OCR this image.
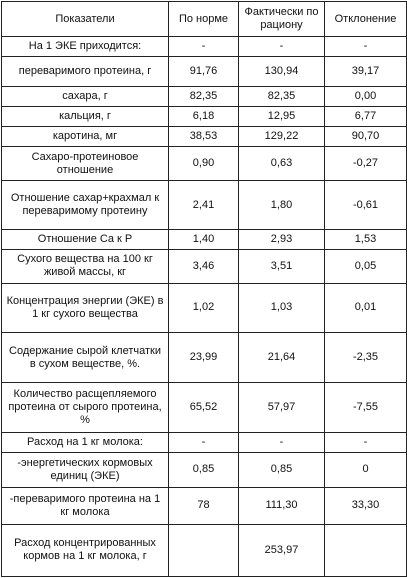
Показатели	По норме	Фактически по рациону	Отклонение
На 1 ЭКЕ приходится:	-	-	-
переваримого протеина, г	91,76	130,94	39,17
сахара, г	82,35	82,35	0,00
кальция, г	6,18	12,95	6,77
каротина, мг	38,53	129,22	90,70
Сахаро-протеиновое отношение	0,90	0,63	-0,27
Отношение сахар+крахмал к переваримому протеину	2,41	1,80	-0,61
Отношение Ca к P	1,40	2,93	1,53
Сухого вещества на 100 кг живой массы, кг	3,46	3,51	0,05
Концентрация энергии (ЭКЕ) в 1 кг сухого вещества	1,02	1,03	0,01
Содержание сырой клетчатки в сухом веществе, %.	23,99	21,64	-2,35
Количество расщепляемого протеина от сырого протеина, %	65,52	57,97	-7,55
Расход на 1 кг молока:	-	-	-
-энергетических кормовых единиц (ЭКЕ)	0,85	0,85	0
-переваримого протеина на 1 кг молока	78	111,30	33,30
Расход концентрированных кормов на 1 кг молока, г		253,97	
